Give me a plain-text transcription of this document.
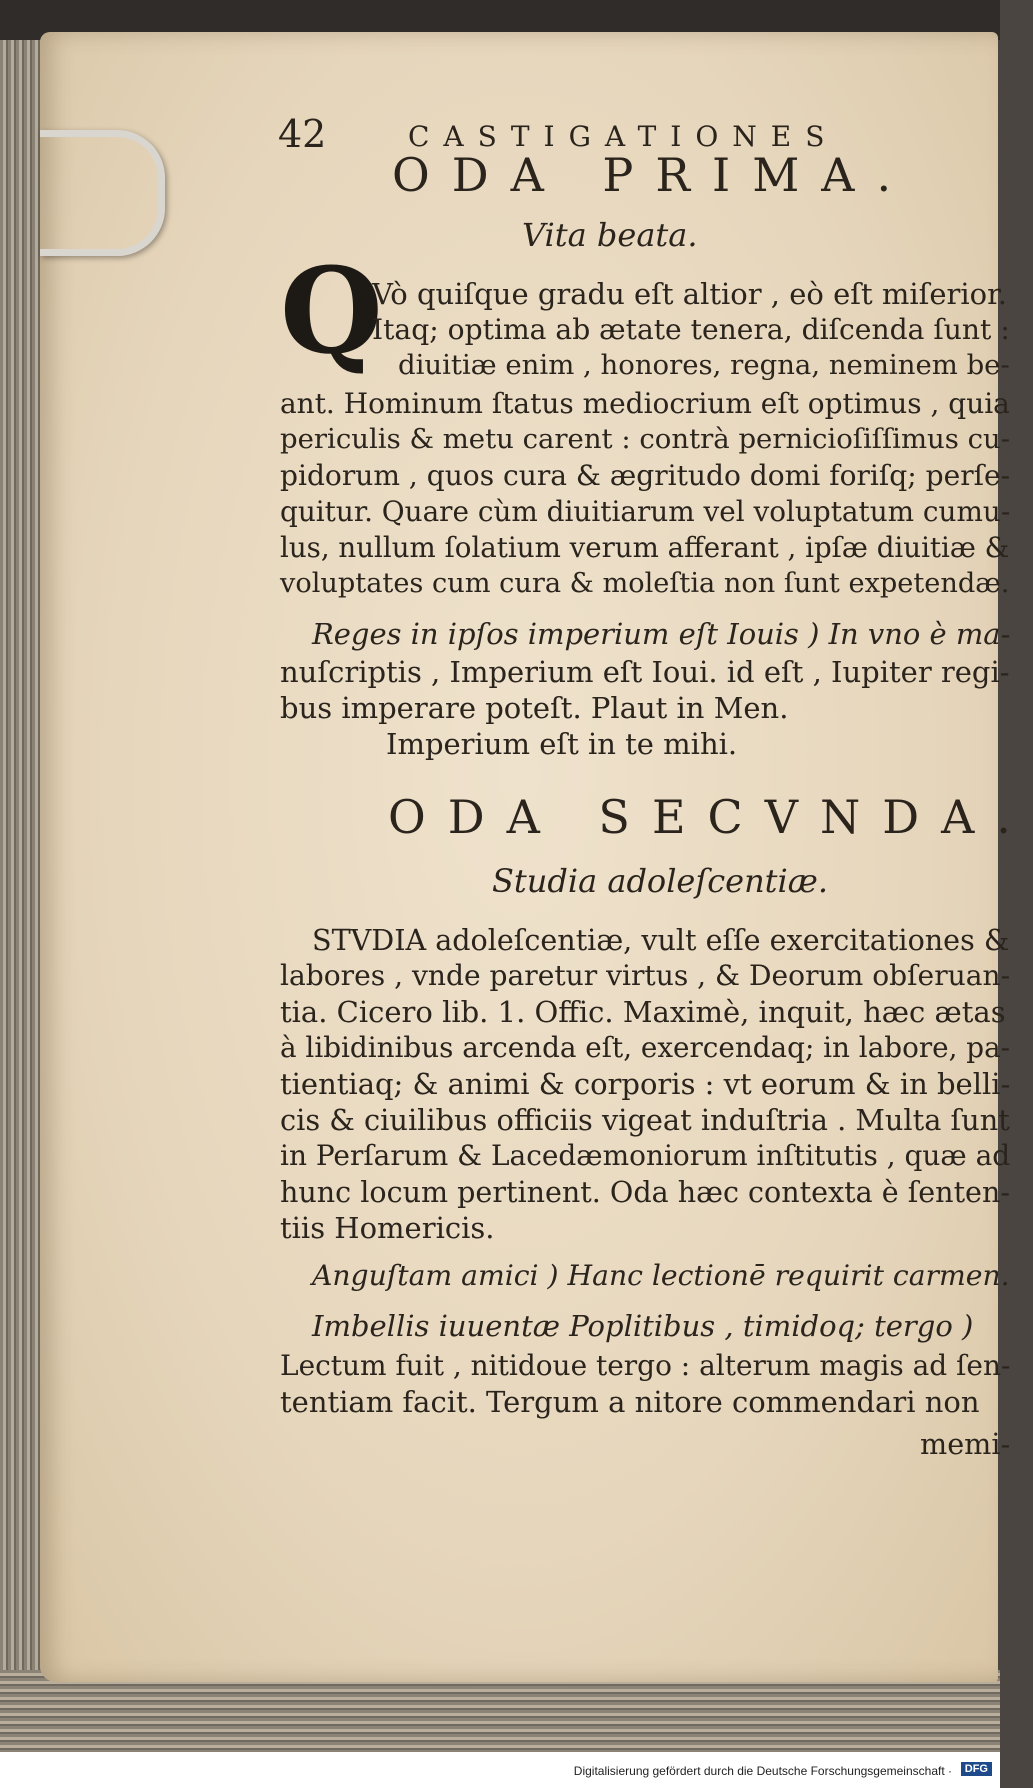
42	CASTIGATIONES
ODA PRIMA.
Vita beata.
Q
Vò quiſque gradu eſt altior , eò eſt miſerior.
Itaq; optima ab ætate tenera, diſcenda ſunt :
diuitiæ enim , honores, regna, neminem be-
ant. Hominum ſtatus mediocrium eſt optimus , quia
periculis & metu carent : contrà pernicioſiſſimus cu-
pidorum , quos cura & ægritudo domi foriſq; perſe-
quitur. Quare cùm diuitiarum vel voluptatum cumu-
lus, nullum ſolatium verum afferant , ipſæ diuitiæ &
voluptates cum cura & moleſtia non ſunt expetendæ.
Reges in ipſos imperium eſt Iouis ) In vno è ma-
nuſcriptis , Imperium eſt Ioui. id eſt , Iupiter regi-
bus imperare poteſt. Plaut in Men.
Imperium eſt in te mihi.
ODA SECVNDA.
Studia adoleſcentiæ.
STVDIA adoleſcentiæ, vult eſſe exercitationes &
labores , vnde paretur virtus , & Deorum obſeruan-
tia. Cicero lib. 1. Offic. Maximè, inquit, hæc ætas
à libidinibus arcenda eſt, exercendaq; in labore, pa-
tientiaq; & animi & corporis : vt eorum & in belli-
cis & ciuilibus officiis vigeat induſtria . Multa ſunt
in Perſarum & Lacedæmoniorum inſtitutis , quæ ad
hunc locum pertinent. Oda hæc contexta è ſenten-
tiis Homericis.
Anguſtam amici ) Hanc lectionē requirit carmen.
Imbellis iuuentæ Poplitibus , timidoq; tergo )
Lectum fuit , nitidoue tergo : alterum magis ad ſen-
tentiam facit. Tergum a nitore commendari non
memi-
Digitalisierung gefördert durch die Deutsche Forschungsgemeinschaft ·	DFG
